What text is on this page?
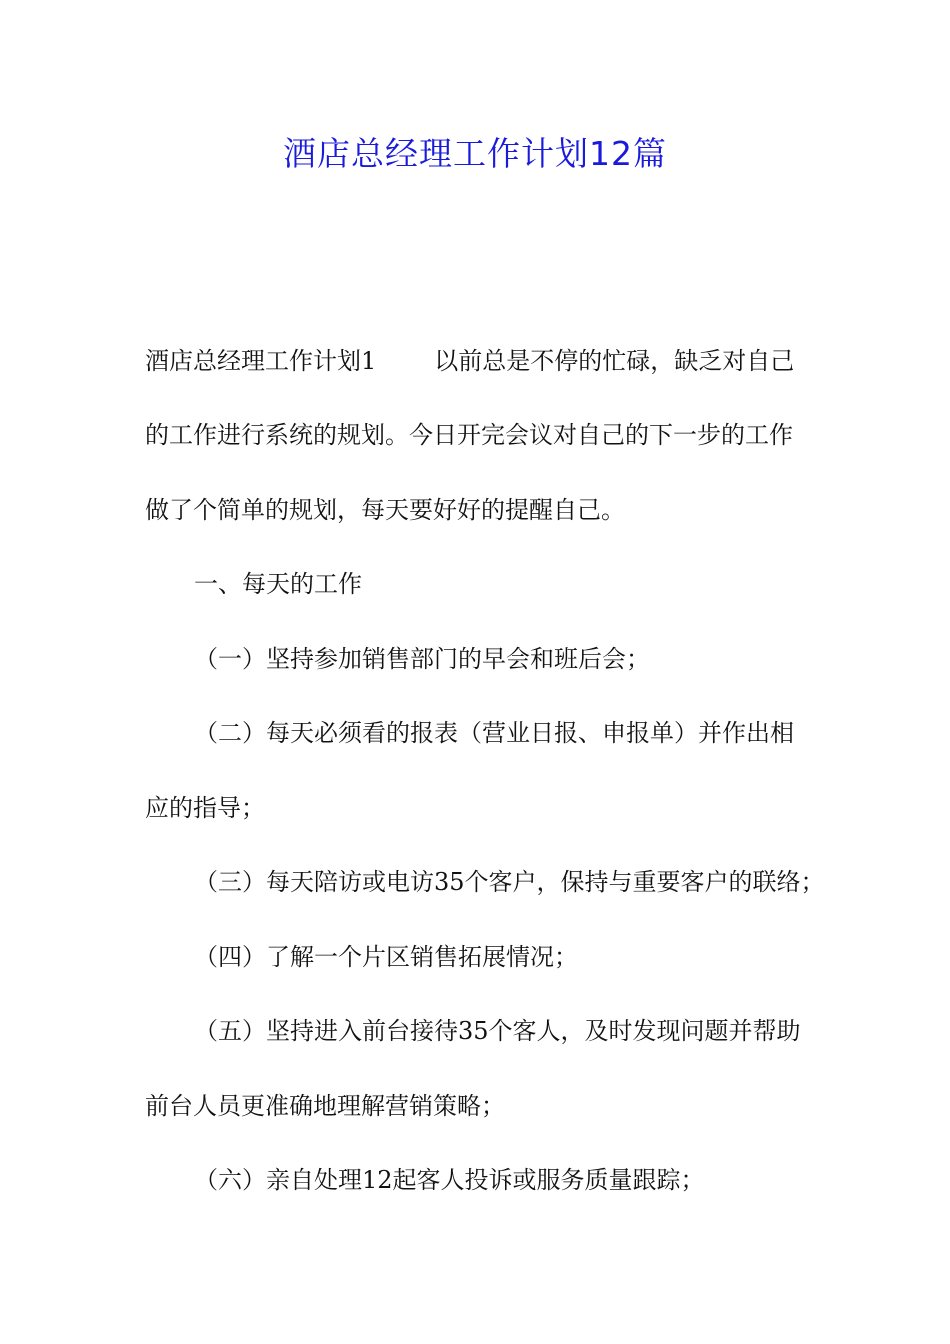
酒店总经理工作计划12篇
酒店总经理工作计划1 以前总是不停的忙碌，缺乏对自己
的工作进行系统的规划。今日开完会议对自己的下一步的工作
做了个简单的规划，每天要好好的提醒自己。
一、每天的工作
（一）坚持参加销售部门的早会和班后会；
（二）每天必须看的报表（营业日报、申报单）并作出相
应的指导；
（三）每天陪访或电访35个客户，保持与重要客户的联络；
（四）了解一个片区销售拓展情况；
（五）坚持进入前台接待35个客人，及时发现问题并帮助
前台人员更准确地理解营销策略；
（六）亲自处理12起客人投诉或服务质量跟踪；
